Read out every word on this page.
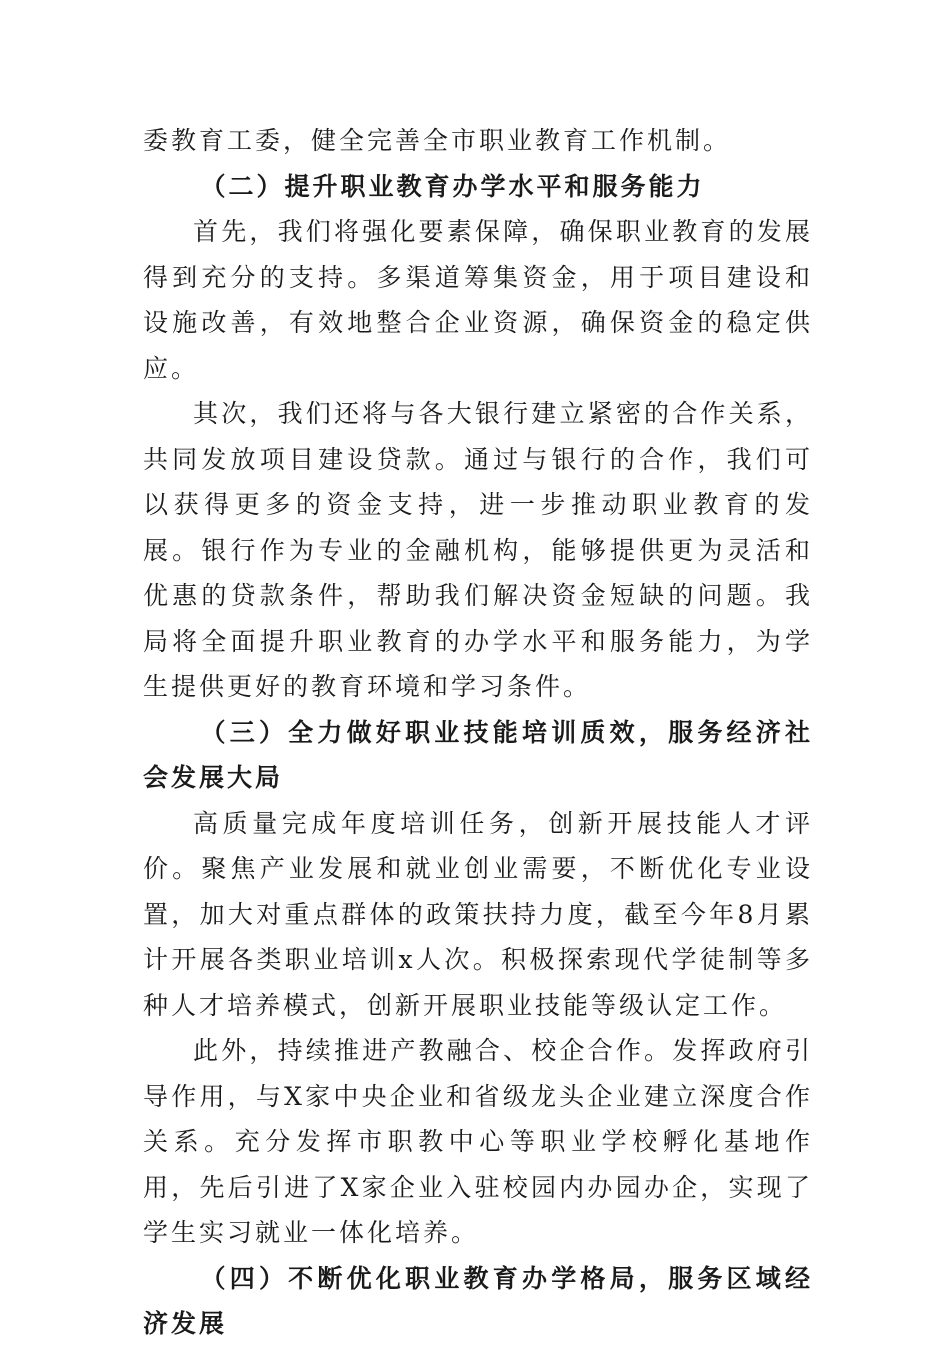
委教育工委，健全完善全市职业教育工作机制。

（二）提升职业教育办学水平和服务能力

首先，我们将强化要素保障，确保职业教育的发展得到充分的支持。多渠道筹集资金，用于项目建设和设施改善，有效地整合企业资源，确保资金的稳定供应。

其次，我们还将与各大银行建立紧密的合作关系，共同发放项目建设贷款。通过与银行的合作，我们可以获得更多的资金支持，进一步推动职业教育的发展。银行作为专业的金融机构，能够提供更为灵活和优惠的贷款条件，帮助我们解决资金短缺的问题。我局将全面提升职业教育的办学水平和服务能力，为学生提供更好的教育环境和学习条件。

（三）全力做好职业技能培训质效，服务经济社会发展大局

高质量完成年度培训任务，创新开展技能人才评价。聚焦产业发展和就业创业需要，不断优化专业设置，加大对重点群体的政策扶持力度，截至今年8月累计开展各类职业培训x人次。积极探索现代学徒制等多种人才培养模式，创新开展职业技能等级认定工作。

此外，持续推进产教融合、校企合作。发挥政府引导作用，与X家中央企业和省级龙头企业建立深度合作关系。充分发挥市职教中心等职业学校孵化基地作用，先后引进了X家企业入驻校园内办园办企，实现了学生实习就业一体化培养。

（四）不断优化职业教育办学格局，服务区域经济发展
